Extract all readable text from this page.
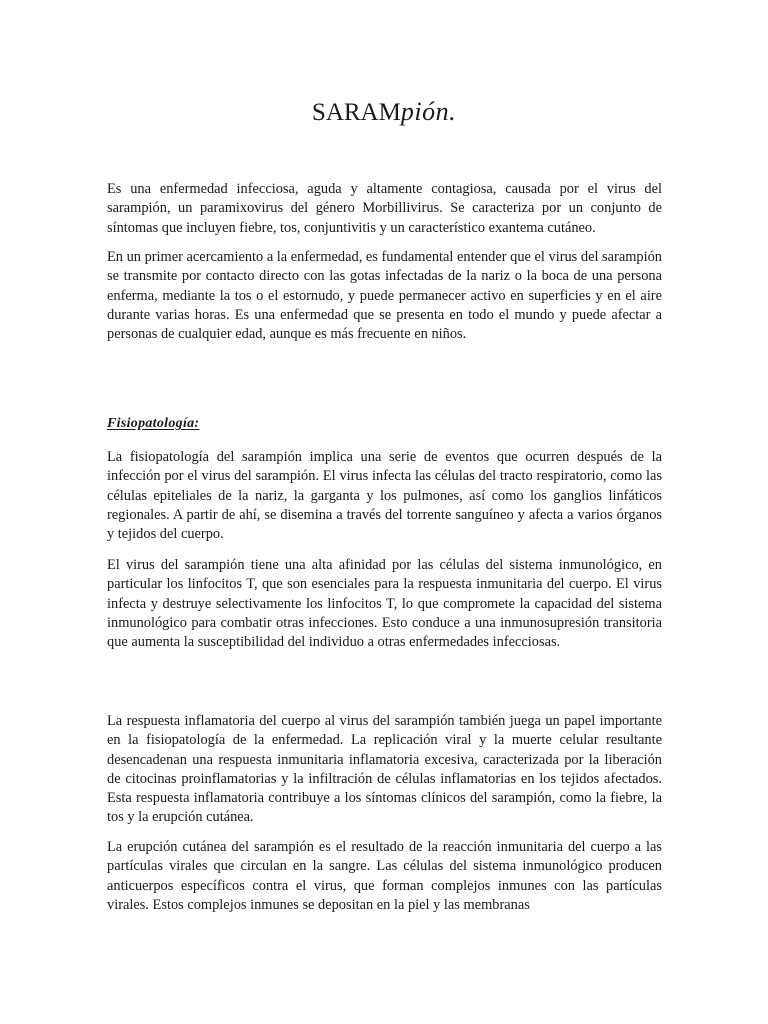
SARAMpión.

Es una enfermedad infecciosa, aguda y altamente contagiosa, causada por el virus del sarampión, un paramixovirus del género Morbillivirus. Se caracteriza por un conjunto de síntomas que incluyen fiebre, tos, conjuntivitis y un característico exantema cutáneo.

En un primer acercamiento a la enfermedad, es fundamental entender que el virus del sarampión se transmite por contacto directo con las gotas infectadas de la nariz o la boca de una persona enferma, mediante la tos o el estornudo, y puede permanecer activo en superficies y en el aire durante varias horas. Es una enfermedad que se presenta en todo el mundo y puede afectar a personas de cualquier edad, aunque es más frecuente en niños.

Fisiopatología:

La fisiopatología del sarampión implica una serie de eventos que ocurren después de la infección por el virus del sarampión. El virus infecta las células del tracto respiratorio, como las células epiteliales de la nariz, la garganta y los pulmones, así como los ganglios linfáticos regionales. A partir de ahí, se disemina a través del torrente sanguíneo y afecta a varios órganos y tejidos del cuerpo.

El virus del sarampión tiene una alta afinidad por las células del sistema inmunológico, en particular los linfocitos T, que son esenciales para la respuesta inmunitaria del cuerpo. El virus infecta y destruye selectivamente los linfocitos T, lo que compromete la capacidad del sistema inmunológico para combatir otras infecciones. Esto conduce a una inmunosupresión transitoria que aumenta la susceptibilidad del individuo a otras enfermedades infecciosas.

La respuesta inflamatoria del cuerpo al virus del sarampión también juega un papel importante en la fisiopatología de la enfermedad. La replicación viral y la muerte celular resultante desencadenan una respuesta inmunitaria inflamatoria excesiva, caracterizada por la liberación de citocinas proinflamatorias y la infiltración de células inflamatorias en los tejidos afectados. Esta respuesta inflamatoria contribuye a los síntomas clínicos del sarampión, como la fiebre, la tos y la erupción cutánea.

La erupción cutánea del sarampión es el resultado de la reacción inmunitaria del cuerpo a las partículas virales que circulan en la sangre. Las células del sistema inmunológico producen anticuerpos específicos contra el virus, que forman complejos inmunes con las partículas virales. Estos complejos inmunes se depositan en la piel y las membranas
